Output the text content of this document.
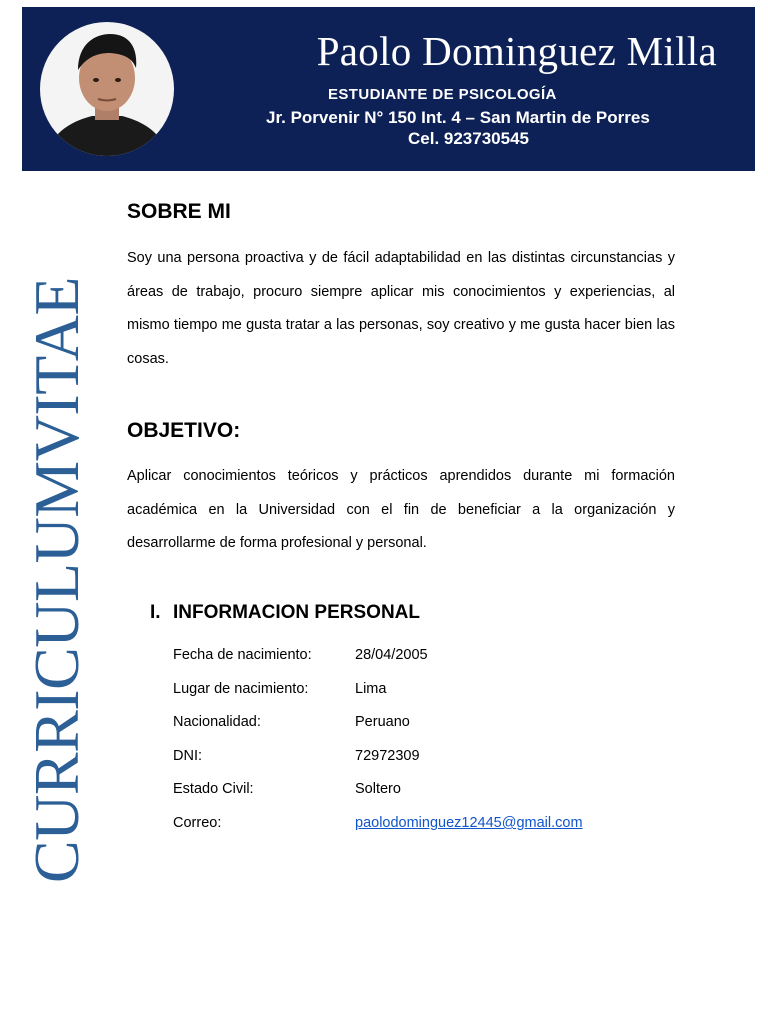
Paolo Dominguez Milla
ESTUDIANTE DE PSICOLOGÍA
Jr. Porvenir N° 150 Int. 4 – San Martin de Porres
Cel. 923730545
CURRICULUMVITAE
SOBRE MI
Soy una persona proactiva y de fácil adaptabilidad en las distintas circunstancias y áreas de trabajo, procuro siempre aplicar mis conocimientos y experiencias, al mismo tiempo me gusta tratar a las personas, soy creativo y me gusta hacer bien las cosas.
OBJETIVO:
Aplicar conocimientos teóricos y prácticos aprendidos durante mi formación académica en la Universidad con el fin de beneficiar a la organización y desarrollarme de forma profesional y personal.
I. INFORMACION PERSONAL
Fecha de nacimiento:	28/04/2005
Lugar de nacimiento:	Lima
Nacionalidad:	Peruano
DNI:	72972309
Estado Civil:	Soltero
Correo:	paolodominguez12445@gmail.com
